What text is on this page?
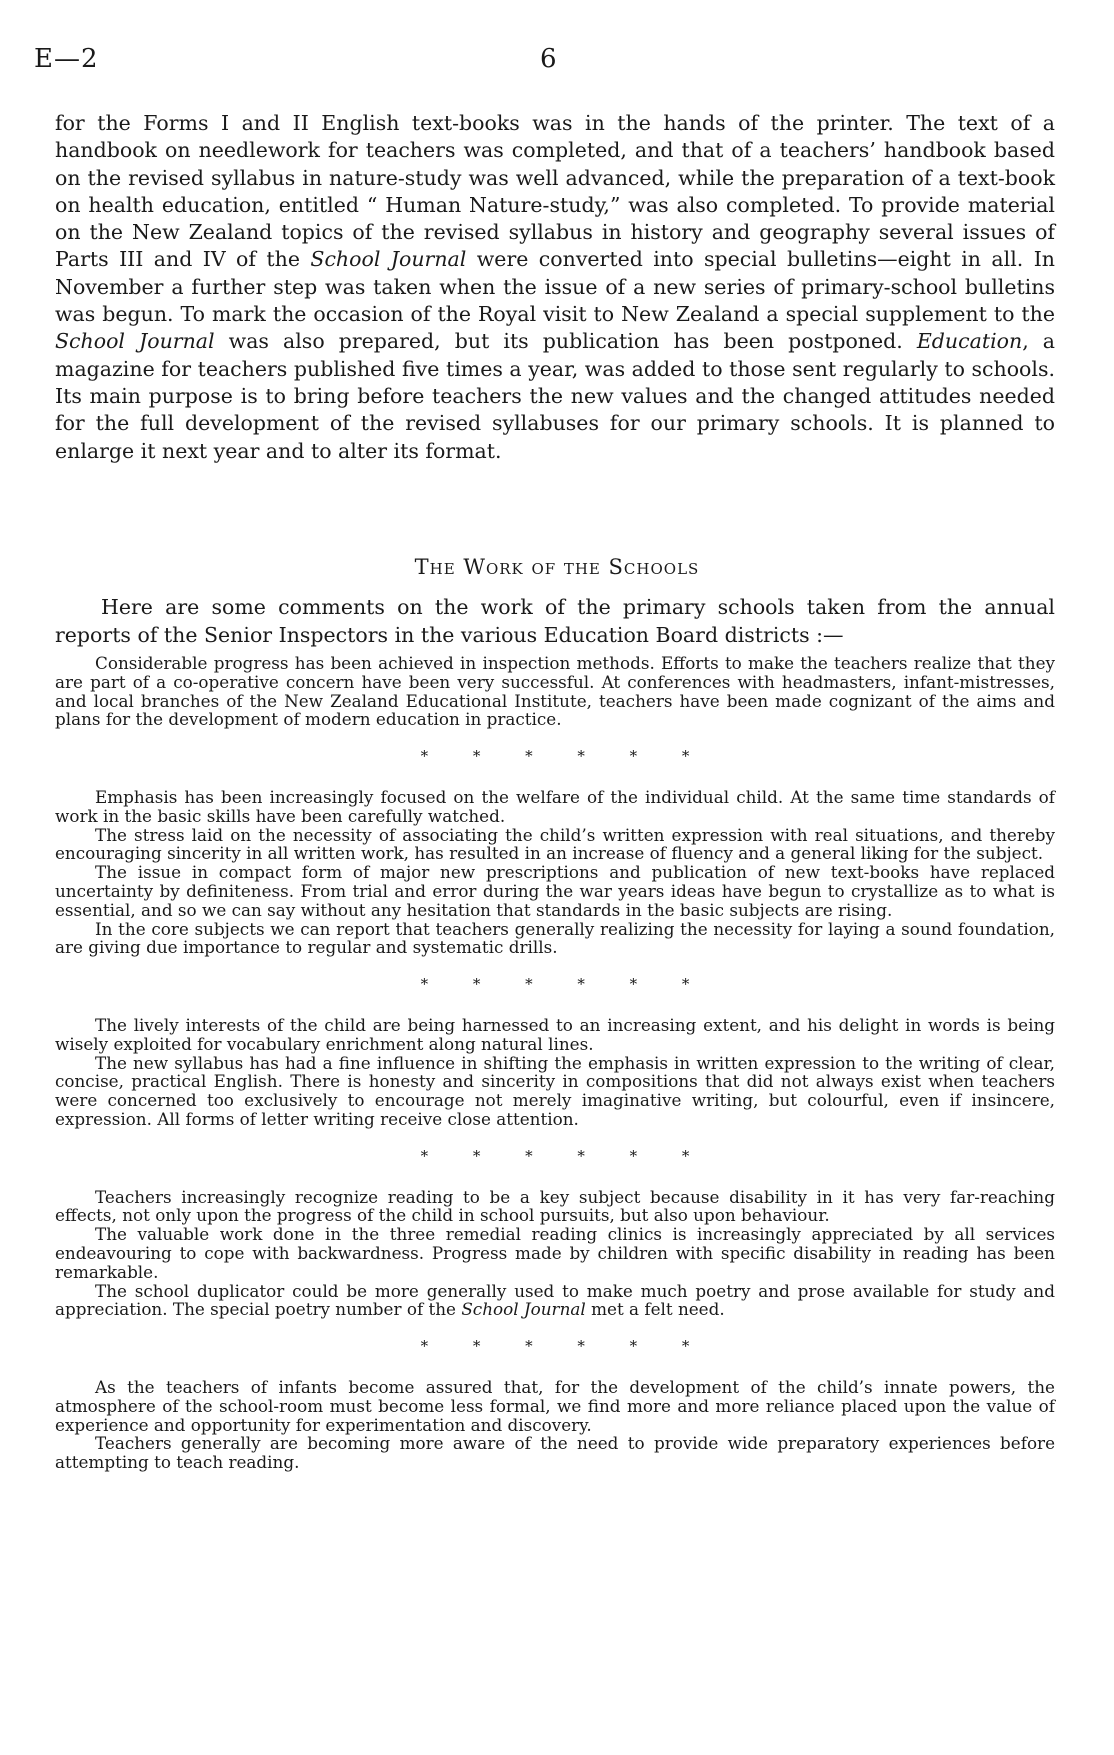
E—2	6

for the Forms I and II English text-books was in the hands of the printer. The text of a handbook on needlework for teachers was completed, and that of a teachers’ handbook based on the revised syllabus in nature-study was well advanced, while the preparation of a text-book on health education, entitled “ Human Nature-study,” was also completed. To provide material on the New Zealand topics of the revised syllabus in history and geography several issues of Parts III and IV of the School Journal were converted into special bulletins—eight in all. In November a further step was taken when the issue of a new series of primary-school bulletins was begun. To mark the occasion of the Royal visit to New Zealand a special supplement to the School Journal was also prepared, but its publication has been postponed. Education, a magazine for teachers published five times a year, was added to those sent regularly to schools. Its main purpose is to bring before teachers the new values and the changed attitudes needed for the full development of the revised syllabuses for our primary schools. It is planned to enlarge it next year and to alter its format.

The Work of the Schools

Here are some comments on the work of the primary schools taken from the annual reports of the Senior Inspectors in the various Education Board districts :—

Considerable progress has been achieved in inspection methods. Efforts to make the teachers realize that they are part of a co-operative concern have been very successful. At conferences with headmasters, infant-mistresses, and local branches of the New Zealand Educational Institute, teachers have been made cognizant of the aims and plans for the development of modern education in practice.

* * * * * *

Emphasis has been increasingly focused on the welfare of the individual child. At the same time standards of work in the basic skills have been carefully watched.

The stress laid on the necessity of associating the child’s written expression with real situations, and thereby encouraging sincerity in all written work, has resulted in an increase of fluency and a general liking for the subject.

The issue in compact form of major new prescriptions and publication of new text-books have replaced uncertainty by definiteness. From trial and error during the war years ideas have begun to crystallize as to what is essential, and so we can say without any hesitation that standards in the basic subjects are rising.

In the core subjects we can report that teachers generally realizing the necessity for laying a sound foundation, are giving due importance to regular and systematic drills.

* * * * * *

The lively interests of the child are being harnessed to an increasing extent, and his delight in words is being wisely exploited for vocabulary enrichment along natural lines.

The new syllabus has had a fine influence in shifting the emphasis in written expression to the writing of clear, concise, practical English. There is honesty and sincerity in compositions that did not always exist when teachers were concerned too exclusively to encourage not merely imaginative writing, but colourful, even if insincere, expression. All forms of letter writing receive close attention.

* * * * * *

Teachers increasingly recognize reading to be a key subject because disability in it has very far-reaching effects, not only upon the progress of the child in school pursuits, but also upon behaviour.

The valuable work done in the three remedial reading clinics is increasingly appreciated by all services endeavouring to cope with backwardness. Progress made by children with specific disability in reading has been remarkable.

The school duplicator could be more generally used to make much poetry and prose available for study and appreciation. The special poetry number of the School Journal met a felt need.

* * * * * *

As the teachers of infants become assured that, for the development of the child’s innate powers, the atmosphere of the school-room must become less formal, we find more and more reliance placed upon the value of experience and opportunity for experimentation and discovery.

Teachers generally are becoming more aware of the need to provide wide preparatory experiences before attempting to teach reading.
